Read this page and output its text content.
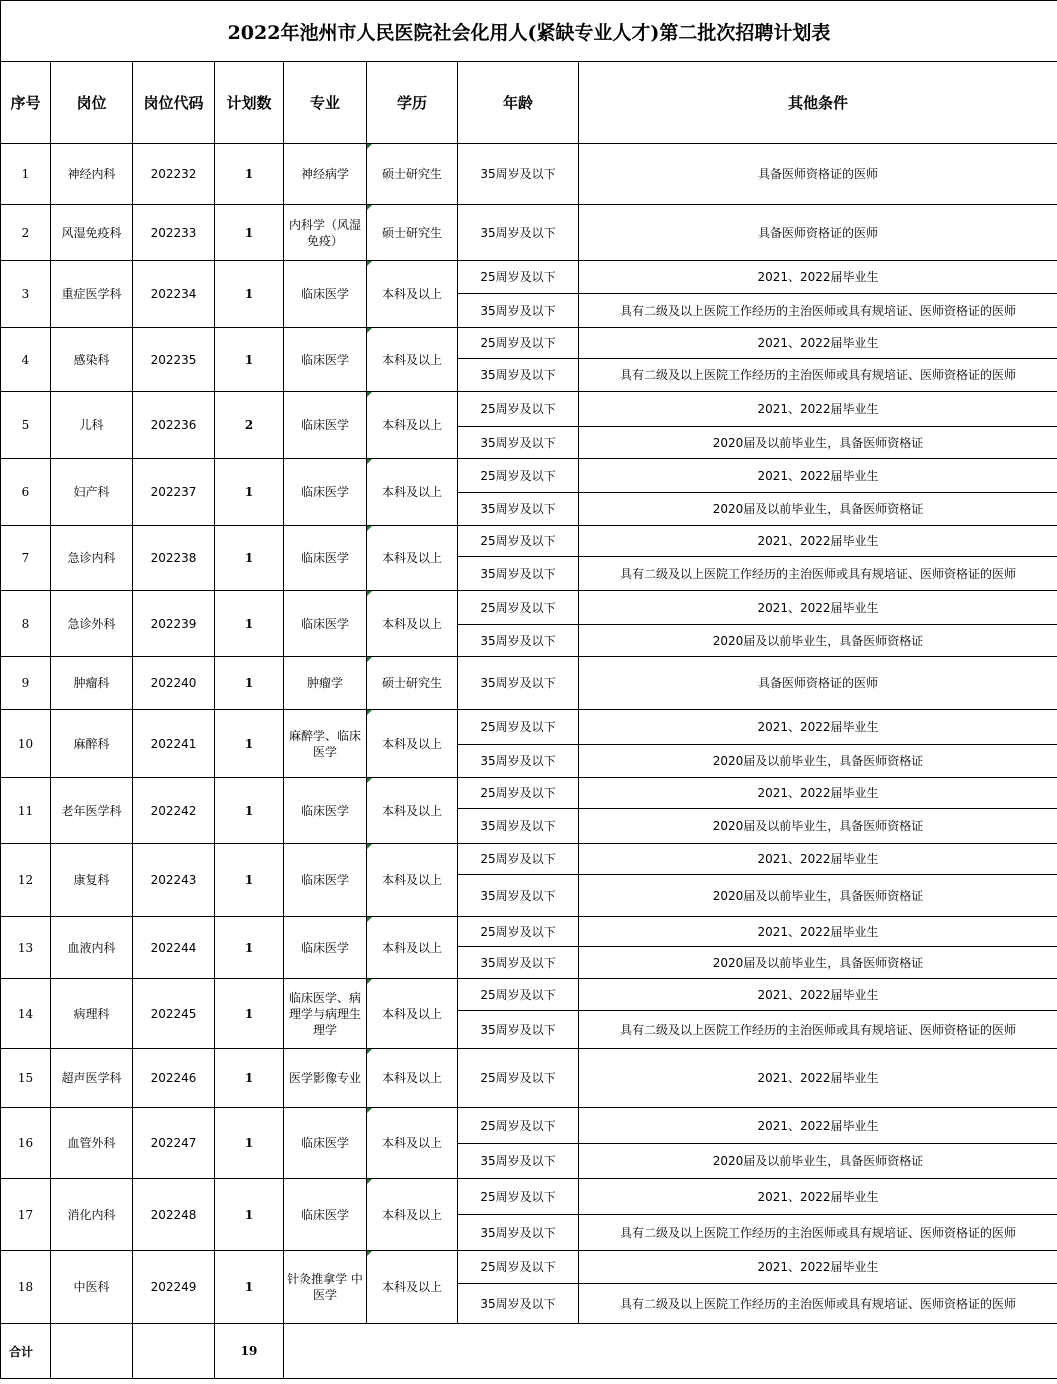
2022年池州市人民医院社会化用人(紧缺专业人才)第二批次招聘计划表							
序号	岗位	岗位代码	计划数	专业	学历	年龄	其他条件
1	神经内科	202232	1	神经病学	硕士研究生	35周岁及以下	具备医师资格证的医师
2	风湿免疫科	202233	1	内科学（风湿免疫）	硕士研究生	35周岁及以下	具备医师资格证的医师
3	重症医学科	202234	1	临床医学	本科及以上	25周岁及以下	2021、2022届毕业生
						35周岁及以下	具有二级及以上医院工作经历的主治医师或具有规培证、医师资格证的医师
4	感染科	202235	1	临床医学	本科及以上	25周岁及以下	2021、2022届毕业生
						35周岁及以下	具有二级及以上医院工作经历的主治医师或具有规培证、医师资格证的医师
5	儿科	202236	2	临床医学	本科及以上	25周岁及以下	2021、2022届毕业生
						35周岁及以下	2020届及以前毕业生，具备医师资格证
6	妇产科	202237	1	临床医学	本科及以上	25周岁及以下	2021、2022届毕业生
						35周岁及以下	2020届及以前毕业生，具备医师资格证
7	急诊内科	202238	1	临床医学	本科及以上	25周岁及以下	2021、2022届毕业生
						35周岁及以下	具有二级及以上医院工作经历的主治医师或具有规培证、医师资格证的医师
8	急诊外科	202239	1	临床医学	本科及以上	25周岁及以下	2021、2022届毕业生
						35周岁及以下	2020届及以前毕业生，具备医师资格证
9	肿瘤科	202240	1	肿瘤学	硕士研究生	35周岁及以下	具备医师资格证的医师
10	麻醉科	202241	1	麻醉学、临床医学	本科及以上	25周岁及以下	2021、2022届毕业生
						35周岁及以下	2020届及以前毕业生，具备医师资格证
11	老年医学科	202242	1	临床医学	本科及以上	25周岁及以下	2021、2022届毕业生
						35周岁及以下	2020届及以前毕业生，具备医师资格证
12	康复科	202243	1	临床医学	本科及以上	25周岁及以下	2021、2022届毕业生
						35周岁及以下	2020届及以前毕业生，具备医师资格证
13	血液内科	202244	1	临床医学	本科及以上	25周岁及以下	2021、2022届毕业生
						35周岁及以下	2020届及以前毕业生，具备医师资格证
14	病理科	202245	1	临床医学、病理学与病理生理学	本科及以上	25周岁及以下	2021、2022届毕业生
						35周岁及以下	具有二级及以上医院工作经历的主治医师或具有规培证、医师资格证的医师
15	超声医学科	202246	1	医学影像专业	本科及以上	25周岁及以下	2021、2022届毕业生
16	血管外科	202247	1	临床医学	本科及以上	25周岁及以下	2021、2022届毕业生
						35周岁及以下	2020届及以前毕业生，具备医师资格证
17	消化内科	202248	1	临床医学	本科及以上	25周岁及以下	2021、2022届毕业生
						35周岁及以下	具有二级及以上医院工作经历的主治医师或具有规培证、医师资格证的医师
18	中医科	202249	1	针灸推拿学 中医学	本科及以上	25周岁及以下	2021、2022届毕业生
						35周岁及以下	具有二级及以上医院工作经历的主治医师或具有规培证、医师资格证的医师
合计			19				
